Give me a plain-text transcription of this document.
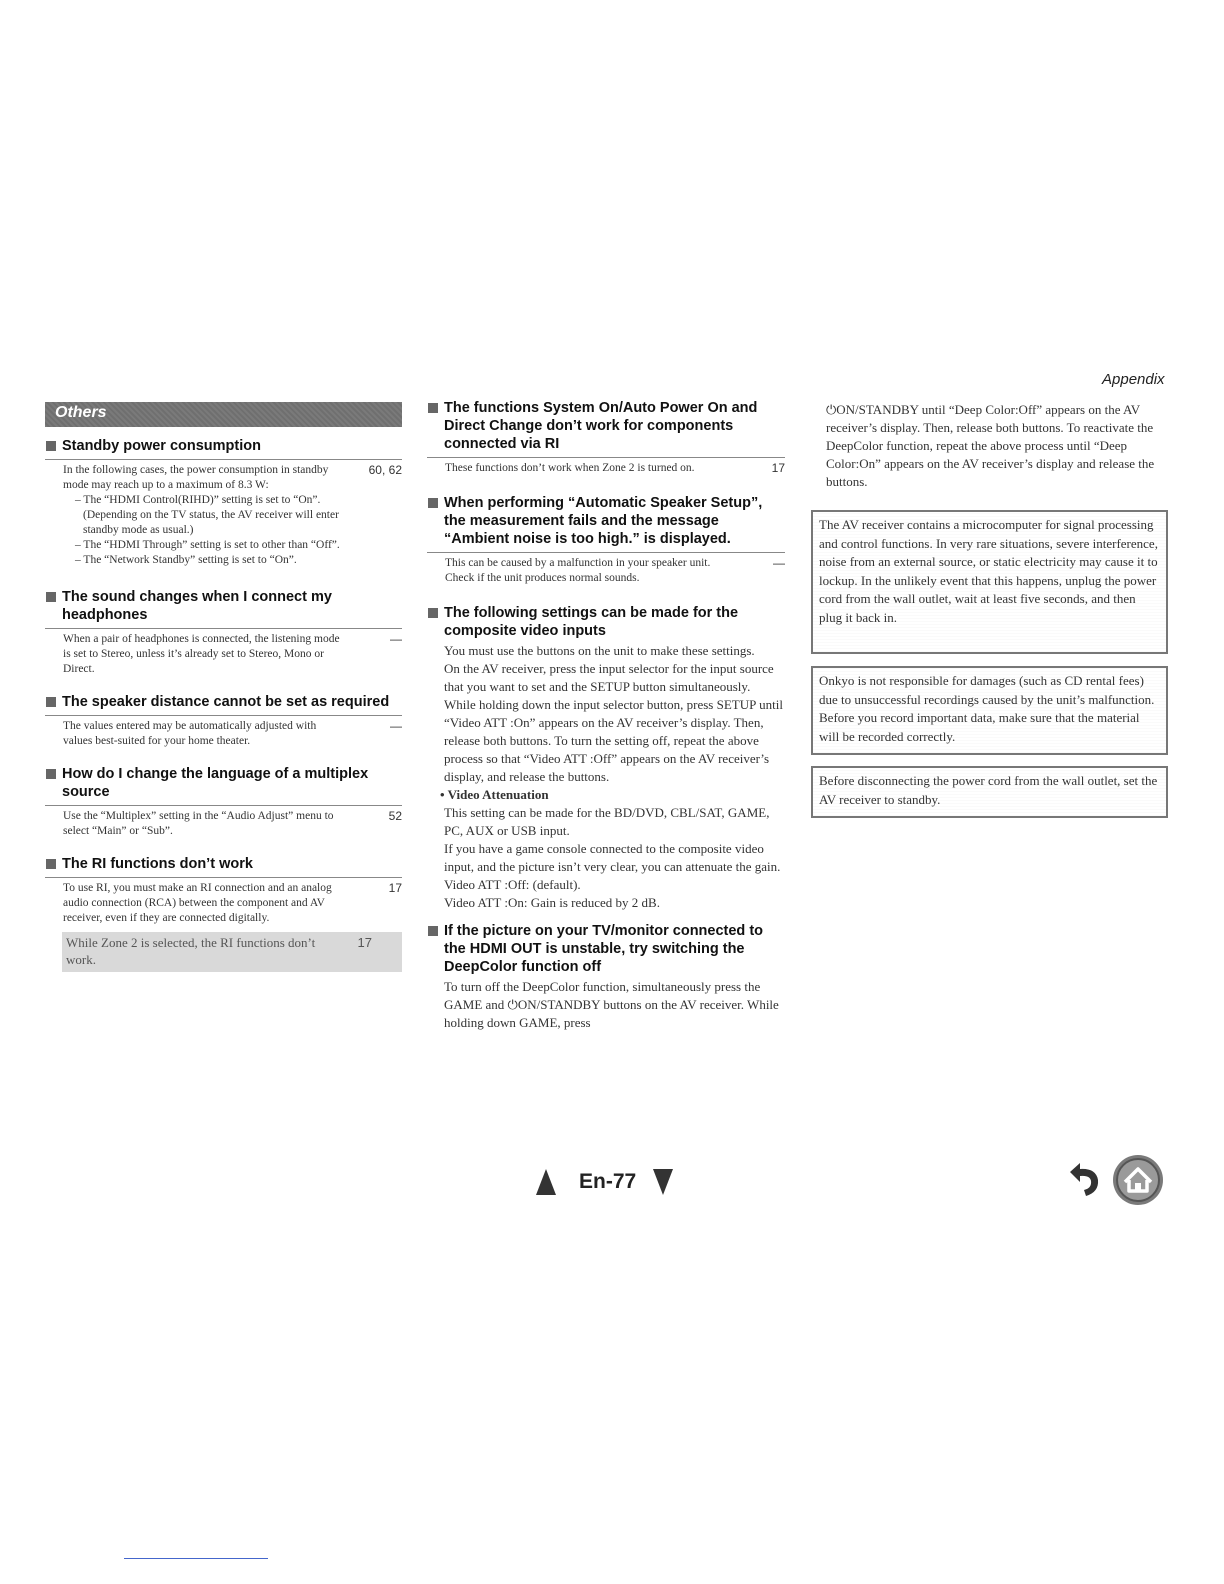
Appendix
Others
Standby power consumption

In the following cases, the power consumption in standby mode may reach up to a maximum of 8.3 W:

– The “HDMI Control(RIHD)” setting is set to “On”. (Depending on the TV status, the AV receiver will enter standby mode as usual.)
– The “HDMI Through” setting is set to other than “Off”.
– The “Network Standby” setting is set to “On”.
60, 62
The sound changes when I connect my headphones

When a pair of headphones is connected, the listening mode is set to Stereo, unless it’s already set to Stereo, Mono or Direct.

—
The speaker distance cannot be set as required

The values entered may be automatically adjusted with values best-suited for your home theater.

—
How do I change the language of a multiplex source

Use the “Multiplex” setting in the “Audio Adjust” menu to select “Main” or “Sub”.

52
The RI functions don’t work

To use RI, you must make an RI connection and an analog audio connection (RCA) between the component and AV receiver, even if they are connected digitally.

17
While Zone 2 is selected, the RI functions don’t work.
17
The functions System On/Auto Power On and Direct Change don’t work for components connected via RI

These functions don’t work when Zone 2 is turned on.	17
When performing “Automatic Speaker Setup”, the measurement fails and the message “Ambient noise is too high.” is displayed.

This can be caused by a malfunction in your speaker unit. Check if the unit produces normal sounds.

—
The following settings can be made for the composite video inputs

You must use the buttons on the unit to make these settings.

On the AV receiver, press the input selector for the input source that you want to set and the SETUP button simultaneously. While holding down the input selector button, press SETUP until “Video ATT :On” appears on the AV receiver’s display. Then, release both buttons. To turn the setting off, repeat the above process so that “Video ATT :Off” appears on the AV receiver’s display, and release the buttons.

• Video Attenuation

This setting can be made for the BD/DVD, CBL/SAT, GAME, PC, AUX or USB input.

If you have a game console connected to the composite video input, and the picture isn’t very clear, you can attenuate the gain.

Video ATT :Off: (default).

Video ATT :On: Gain is reduced by 2 dB.

If the picture on your TV/monitor connected to the HDMI OUT is unstable, try switching the DeepColor function off

To turn off the DeepColor function, simultaneously press the GAME and ⏻ON/STANDBY buttons on the AV receiver. While holding down GAME, press

⏻ON/STANDBY until “Deep Color:Off” appears on the AV receiver’s display. Then, release both buttons. To reactivate the DeepColor function, repeat the above process until “Deep Color:On” appears on the AV receiver’s display and release the buttons.
The AV receiver contains a microcomputer for signal processing and control functions. In very rare situations, severe interference, noise from an external source, or static electricity may cause it to lockup. In the unlikely event that this happens, unplug the power cord from the wall outlet, wait at least five seconds, and then plug it back in.
Onkyo is not responsible for damages (such as CD rental fees) due to unsuccessful recordings caused by the unit’s malfunction. Before you record important data, make sure that the material will be recorded correctly.
Before disconnecting the power cord from the wall outlet, set the AV receiver to standby.
En-77
